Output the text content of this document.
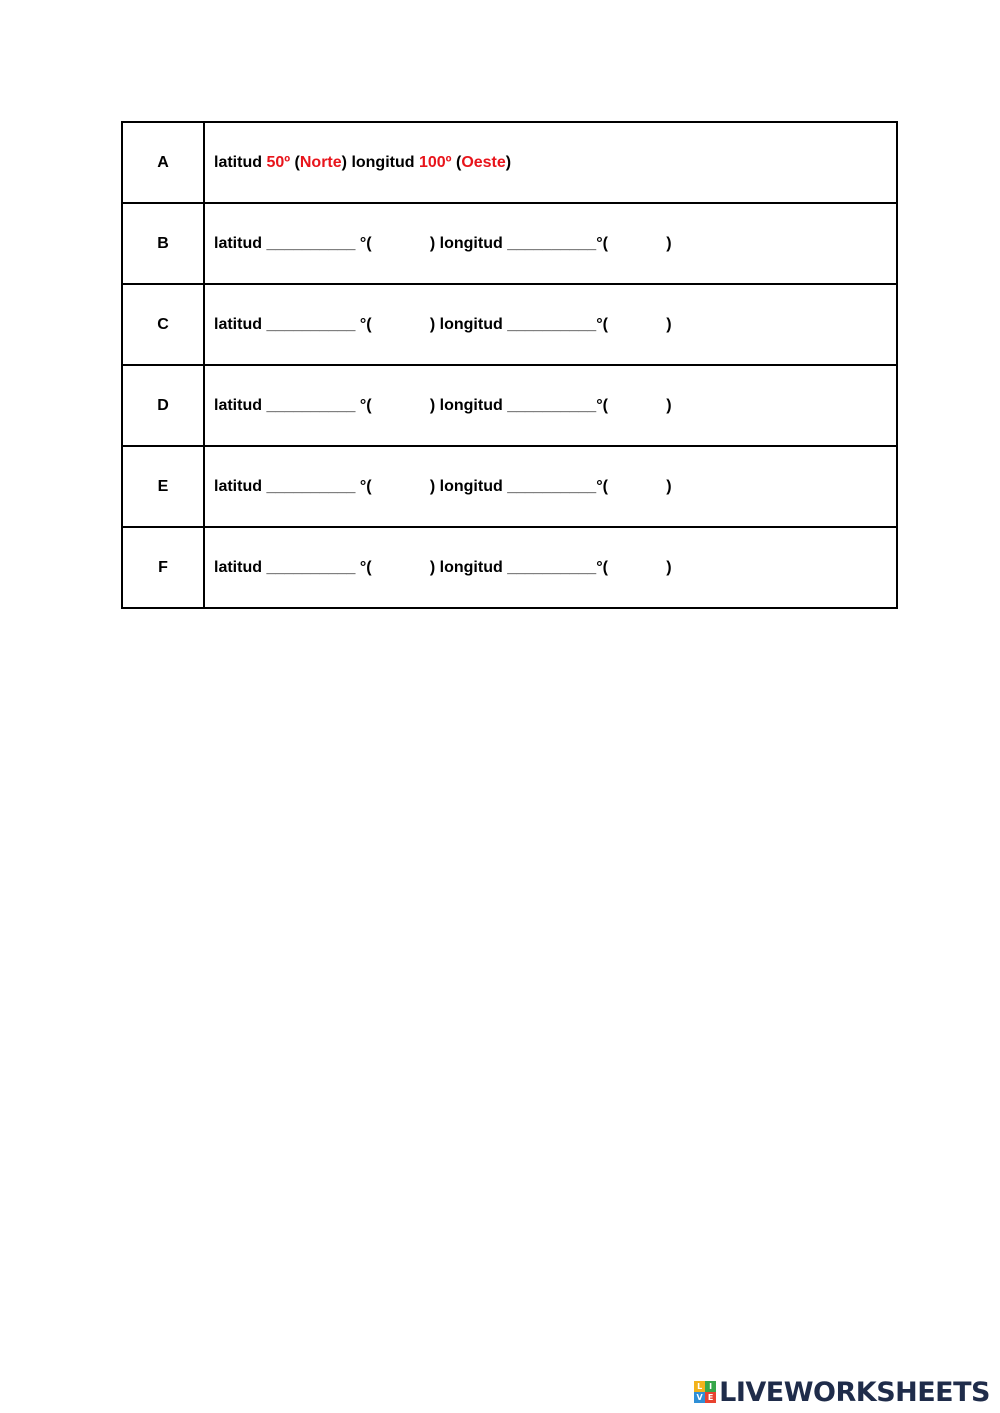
A	latitud 50º (Norte) longitud 100º (Oeste)
B	latitud __________ °( ) longitud __________°( )
C	latitud __________ °( ) longitud __________°( )
D	latitud __________ °( ) longitud __________°( )
E	latitud __________ °( ) longitud __________°( )
F	latitud __________ °( ) longitud __________°( )
L I
V E LIVEWORKSHEETS
